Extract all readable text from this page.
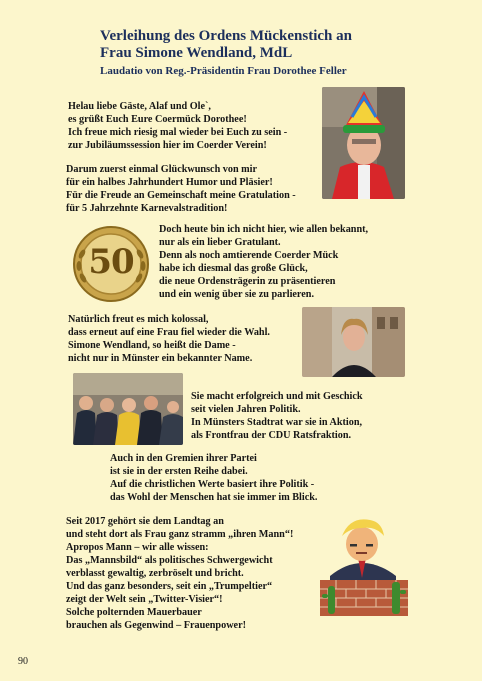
Verleihung des Ordens Mückenstich an
Frau Simone Wendland, MdL
Laudatio von Reg.-Präsidentin Frau Dorothee Feller
Helau liebe Gäste, Alaf und Ole`,
es grüßt Euch Eure Coermück Dorothee!
Ich freue mich riesig mal wieder bei Euch zu sein -
zur Jubiläumssession hier im Coerder Verein!
Darum zuerst einmal Glückwunsch von mir
für ein halbes Jahrhundert Humor und Pläsier!
Für die Freude an Gemeinschaft meine Gratulation -
für 5 Jahrzehnte Karnevalstradition!
50
Doch heute bin ich nicht hier, wie allen bekannt,
nur als ein lieber Gratulant.
Denn als noch amtierende Coerder Mück
habe ich diesmal das große Glück,
die neue Ordensträgerin zu präsentieren
und ein wenig über sie zu parlieren.
Natürlich freut es mich kolossal,
dass erneut auf eine Frau fiel wieder die Wahl.
Simone Wendland, so heißt die Dame -
nicht nur in Münster ein bekannter Name.
Sie macht erfolgreich und mit Geschick
seit vielen Jahren Politik.
In Münsters Stadtrat war sie in Aktion,
als Frontfrau der CDU Ratsfraktion.
Auch in den Gremien ihrer Partei
ist sie in der ersten Reihe dabei.
Auf die christlichen Werte basiert ihre Politik -
das Wohl der Menschen hat sie immer im Blick.
Seit 2017 gehört sie dem Landtag an
und steht dort als Frau ganz stramm „ihren Mann“!
Apropos Mann – wir alle wissen:
Das „Mannsbild“ als politisches Schwergewicht
verblasst gewaltig, zerbröselt und bricht.
Und das ganz besonders, seit ein „Trumpeltier“
zeigt der Welt sein „Twitter-Visier“!
Solche polternden Mauerbauer
brauchen als Gegenwind – Frauenpower!
90
